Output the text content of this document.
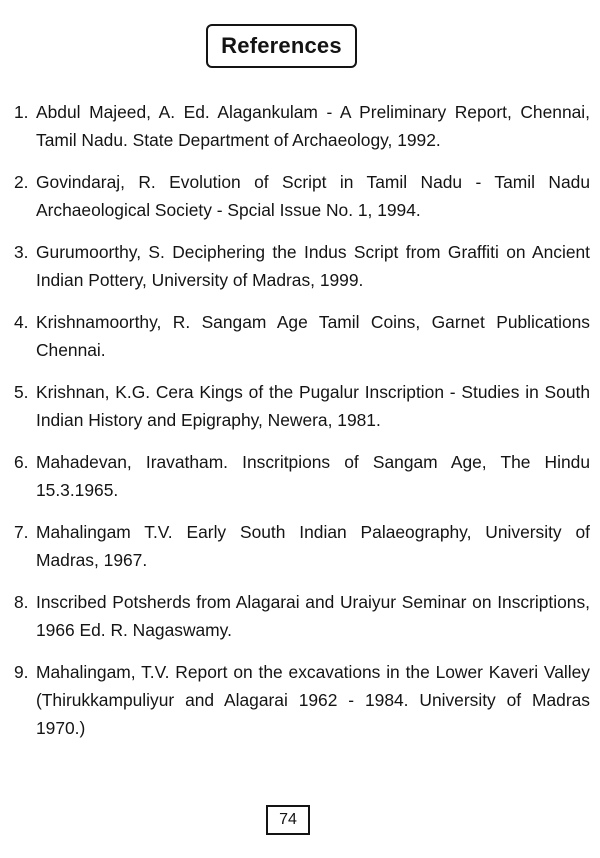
References
1. Abdul Majeed, A. Ed. Alagankulam - A Preliminary Report, Chennai, Tamil Nadu. State Department of Archaeology, 1992.
2. Govindaraj, R. Evolution of Script in Tamil Nadu - Tamil Nadu Archaeological Society - Spcial Issue No. 1, 1994.
3. Gurumoorthy, S. Deciphering the Indus Script from Graffiti on Ancient Indian Pottery, University of Madras, 1999.
4. Krishnamoorthy, R. Sangam Age Tamil Coins, Garnet Publications Chennai.
5. Krishnan, K.G. Cera Kings of the Pugalur Inscription - Studies in South Indian History and Epigraphy, Newera, 1981.
6. Mahadevan, Iravatham. Inscritpions of Sangam Age, The Hindu 15.3.1965.
7. Mahalingam T.V. Early South Indian Palaeography, University of Madras, 1967.
8. Inscribed Potsherds from Alagarai and Uraiyur Seminar on Inscriptions, 1966 Ed. R. Nagaswamy.
9. Mahalingam, T.V. Report on the excavations in the Lower Kaveri Valley (Thirukkampuliyur and Alagarai 1962 - 1984. University of Madras 1970.)
74
